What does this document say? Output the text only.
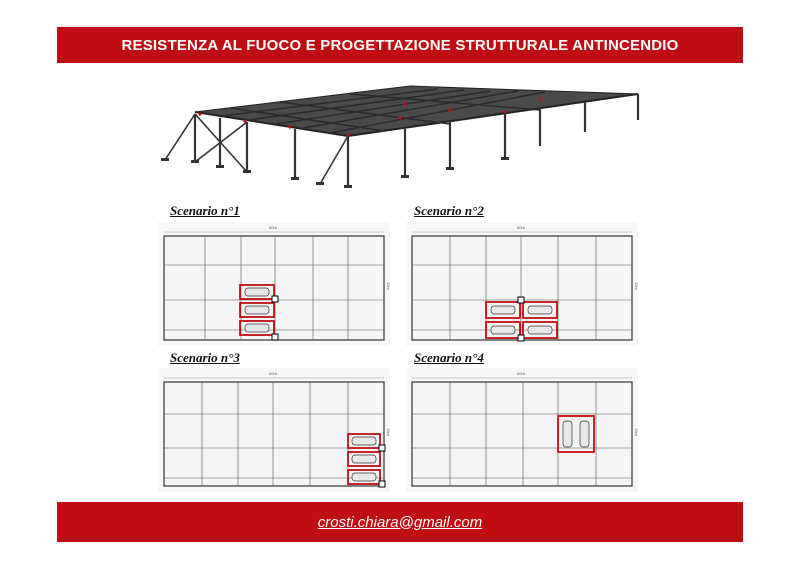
RESISTENZA AL FUOCO E PROGETTAZIONE STRUTTURALE ANTINCENDIO
Scenario n°1	Scenario n°2
Scenario n°3	Scenario n°4
60m
15m
60m
15m
60m
15m
60m
15m
crosti.chiara@gmail.com
